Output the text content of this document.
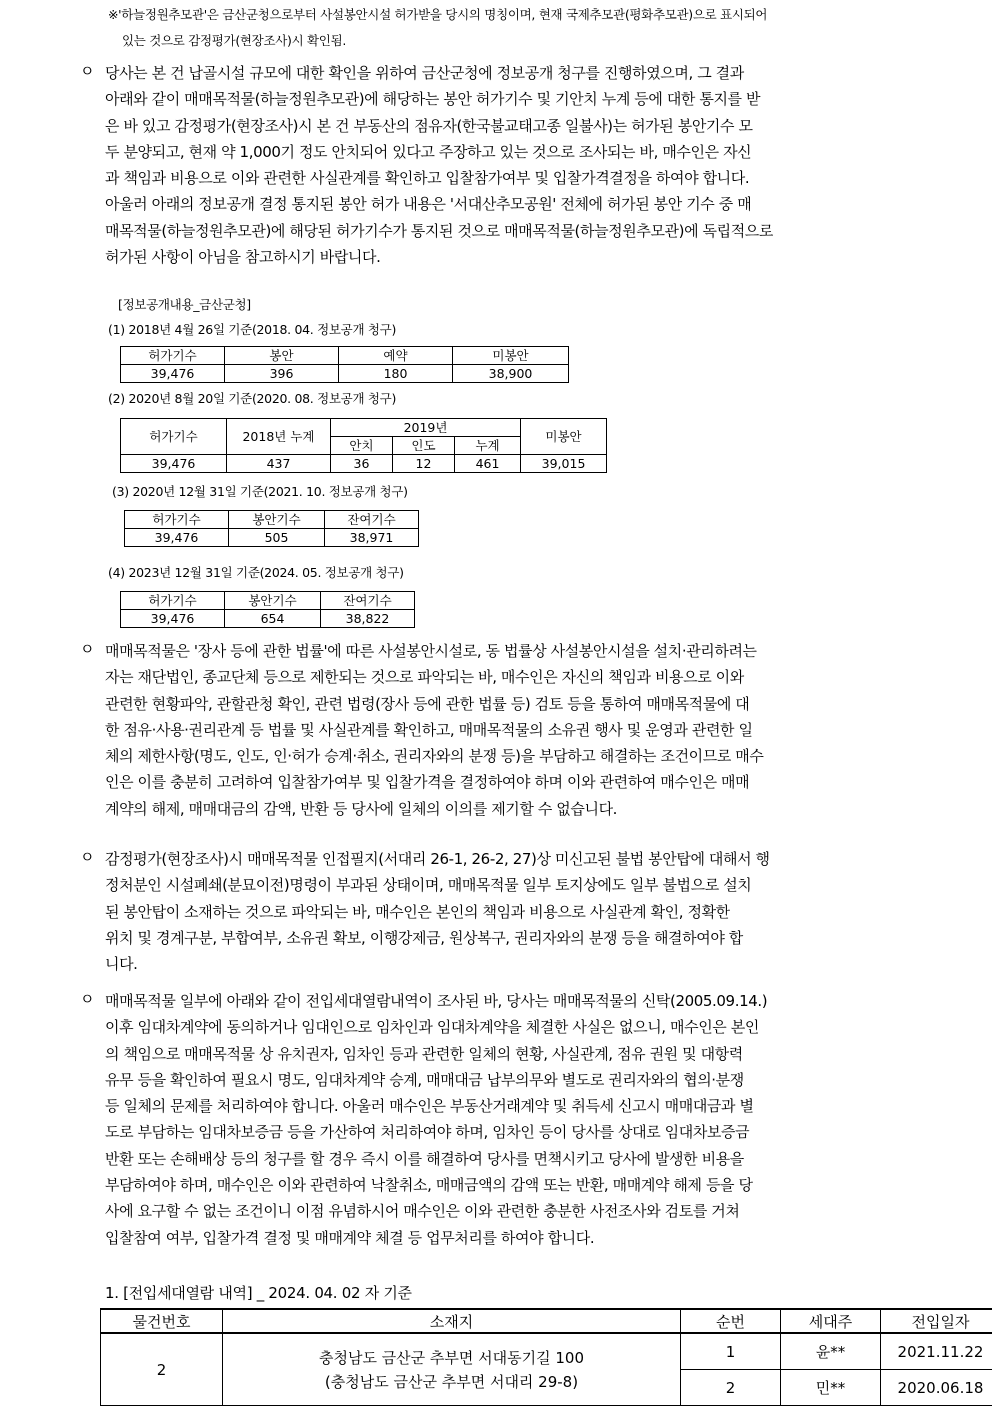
※'하늘정원추모관'은 금산군청으로부터 사설봉안시설 허가받을 당시의 명칭이며, 현재 국제추모관(평화추모관)으로 표시되어
있는 것으로 감정평가(현장조사)시 확인됨.
ㅇ 당사는 본 건 납골시설 규모에 대한 확인을 위하여 금산군청에 정보공개 청구를 진행하였으며, 그 결과
아래와 같이 매매목적물(하늘정원추모관)에 해당하는 봉안 허가기수 및 기안치 누계 등에 대한 통지를 받
은 바 있고 감정평가(현장조사)시 본 건 부동산의 점유자(한국불교태고종 일불사)는 허가된 봉안기수 모
두 분양되고, 현재 약 1,000기 정도 안치되어 있다고 주장하고 있는 것으로 조사되는 바, 매수인은 자신
과 책임과 비용으로 이와 관련한 사실관계를 확인하고 입찰참가여부 및 입찰가격결정을 하여야 합니다.
아울러 아래의 정보공개 결정 통지된 봉안 허가 내용은 '서대산추모공원' 전체에 허가된 봉안 기수 중 매
매목적물(하늘정원추모관)에 해당된 허가기수가 통지된 것으로 매매목적물(하늘정원추모관)에 독립적으로
허가된 사항이 아님을 참고하시기 바랍니다.
[정보공개내용_금산군청]
(1) 2018년 4월 26일 기준(2018. 04. 정보공개 청구)
허가기수	봉안	예약	미봉안
39,476	396	180	38,900
(2) 2020년 8월 20일 기준(2020. 08. 정보공개 청구)
허가기수	2018년 누계	2019년			미봉안
		안치	인도	누계	
39,476	437	36	12	461	39,015
(3) 2020년 12월 31일 기준(2021. 10. 정보공개 청구)
허가기수	봉안기수	잔여기수
39,476	505	38,971
(4) 2023년 12월 31일 기준(2024. 05. 정보공개 청구)
허가기수	봉안기수	잔여기수
39,476	654	38,822
ㅇ 매매목적물은 '장사 등에 관한 법률'에 따른 사설봉안시설로, 동 법률상 사설봉안시설을 설치·관리하려는
자는 재단법인, 종교단체 등으로 제한되는 것으로 파악되는 바, 매수인은 자신의 책임과 비용으로 이와
관련한 현황파악, 관할관청 확인, 관련 법령(장사 등에 관한 법률 등) 검토 등을 통하여 매매목적물에 대
한 점유·사용·권리관계 등 법률 및 사실관계를 확인하고, 매매목적물의 소유권 행사 및 운영과 관련한 일
체의 제한사항(명도, 인도, 인·허가 승계·취소, 권리자와의 분쟁 등)을 부담하고 해결하는 조건이므로 매수
인은 이를 충분히 고려하여 입찰참가여부 및 입찰가격을 결정하여야 하며 이와 관련하여 매수인은 매매
계약의 해제, 매매대금의 감액, 반환 등 당사에 일체의 이의를 제기할 수 없습니다.
ㅇ 감정평가(현장조사)시 매매목적물 인접필지(서대리 26-1, 26-2, 27)상 미신고된 불법 봉안탑에 대해서 행
정처분인 시설폐쇄(분묘이전)명령이 부과된 상태이며, 매매목적물 일부 토지상에도 일부 불법으로 설치
된 봉안탑이 소재하는 것으로 파악되는 바, 매수인은 본인의 책임과 비용으로 사실관계 확인, 정확한
위치 및 경계구분, 부합여부, 소유권 확보, 이행강제금, 원상복구, 권리자와의 분쟁 등을 해결하여야 합
니다.
ㅇ 매매목적물 일부에 아래와 같이 전입세대열람내역이 조사된 바, 당사는 매매목적물의 신탁(2005.09.14.)
이후 임대차계약에 동의하거나 임대인으로 임차인과 임대차계약을 체결한 사실은 없으니, 매수인은 본인
의 책임으로 매매목적물 상 유치권자, 임차인 등과 관련한 일체의 현황, 사실관계, 점유 권원 및 대항력
유무 등을 확인하여 필요시 명도, 임대차계약 승계, 매매대금 납부의무와 별도로 권리자와의 협의·분쟁
등 일체의 문제를 처리하여야 합니다. 아울러 매수인은 부동산거래계약 및 취득세 신고시 매매대금과 별
도로 부담하는 임대차보증금 등을 가산하여 처리하여야 하며, 임차인 등이 당사를 상대로 임대차보증금
반환 또는 손해배상 등의 청구를 할 경우 즉시 이를 해결하여 당사를 면책시키고 당사에 발생한 비용을
부담하여야 하며, 매수인은 이와 관련하여 낙찰취소, 매매금액의 감액 또는 반환, 매매계약 해제 등을 당
사에 요구할 수 없는 조건이니 이점 유념하시어 매수인은 이와 관련한 충분한 사전조사와 검토를 거쳐
입찰참여 여부, 입찰가격 결정 및 매매계약 체결 등 업무처리를 하여야 합니다.
1. [전입세대열람 내역] _ 2024. 04. 02 자 기준
물건번호	소재지	순번	세대주	전입일자
2	충청남도 금산군 추부면 서대동기길 100
(충청남도 금산군 추부면 서대리 29-8)	1	윤**	2021.11.22
		2	민**	2020.06.18
